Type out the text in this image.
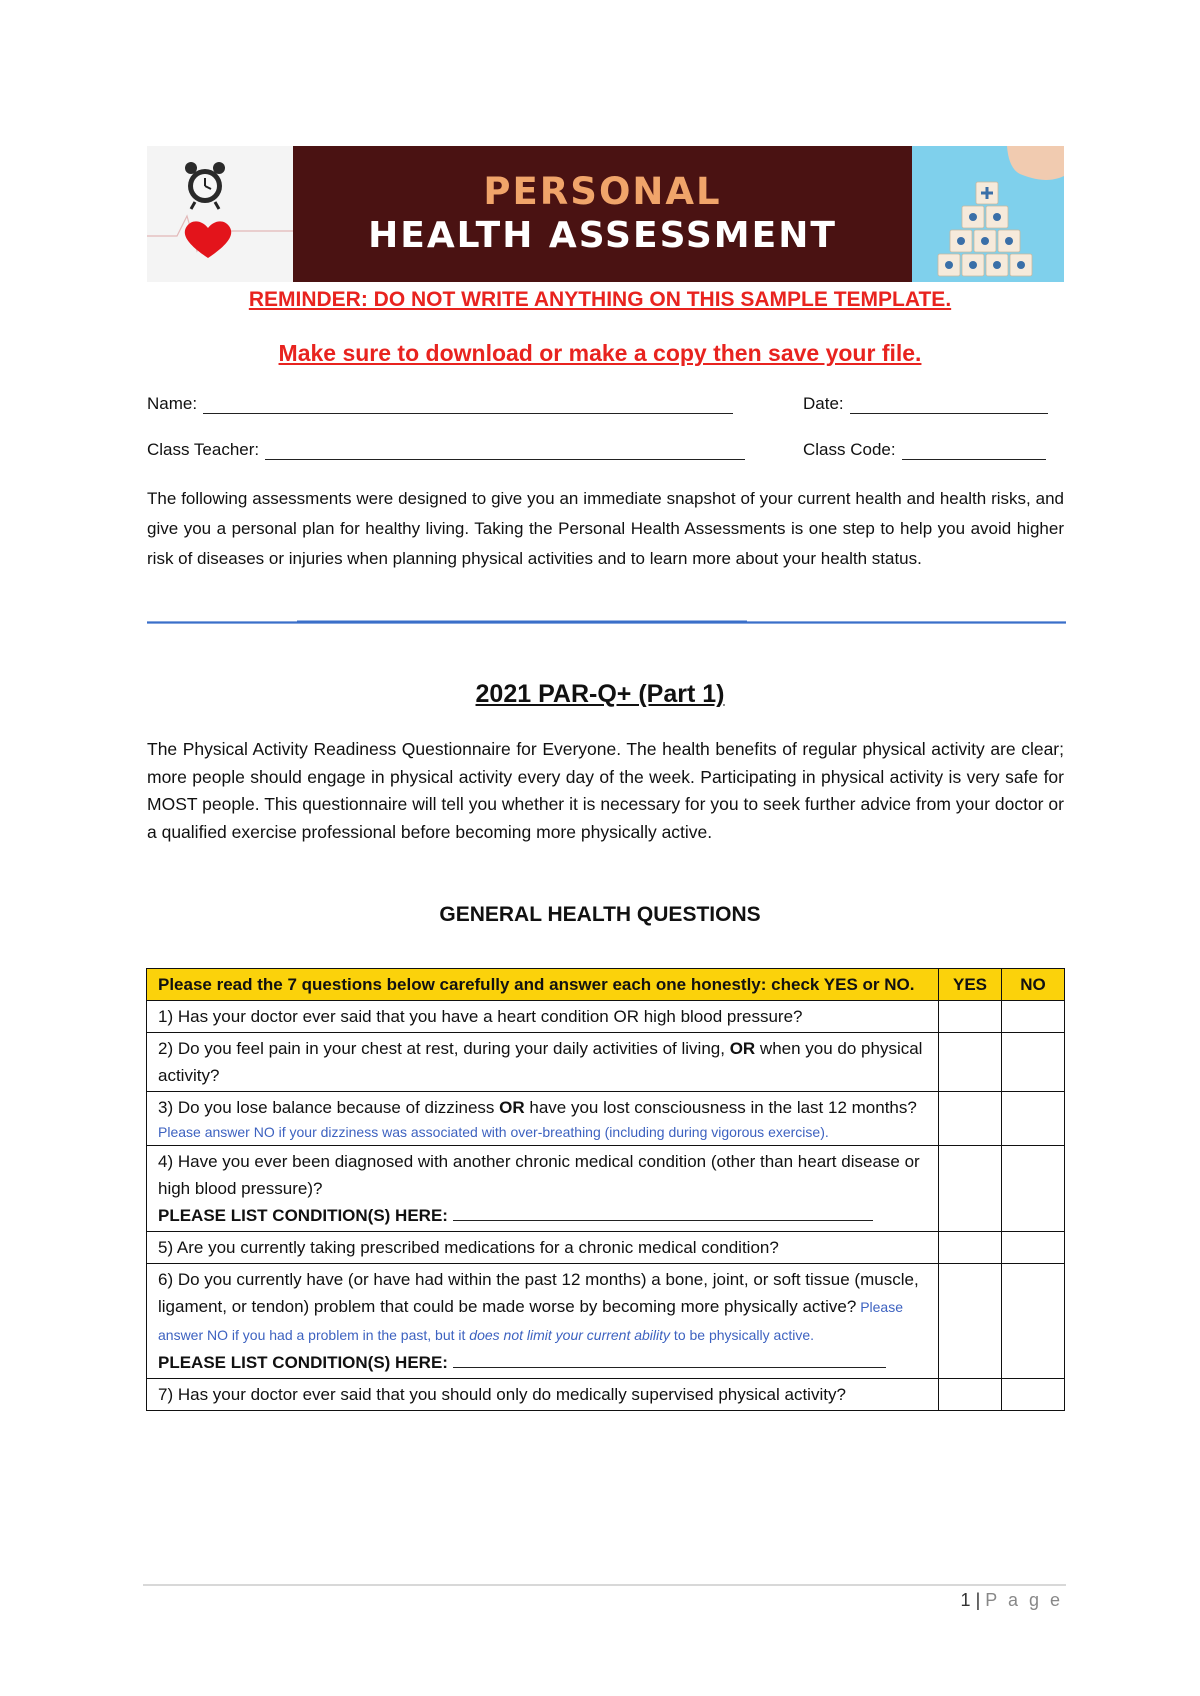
PERSONAL
HEALTH ASSESSMENT
REMINDER: DO NOT WRITE ANYTHING ON THIS SAMPLE TEMPLATE.
Make sure to download or make a copy then save your file.
Name:	Date:
Class Teacher:	Class Code:
The following assessments were designed to give you an immediate snapshot of your current health and health risks, and give you a personal plan for healthy living. Taking the Personal Health Assessments is one step to help you avoid higher risk of diseases or injuries when planning physical activities and to learn more about your health status.
2021 PAR-Q+ (Part 1)
The Physical Activity Readiness Questionnaire for Everyone. The health benefits of regular physical activity are clear; more people should engage in physical activity every day of the week. Participating in physical activity is very safe for MOST people. This questionnaire will tell you whether it is necessary for you to seek further advice from your doctor or a qualified exercise professional before becoming more physically active.
GENERAL HEALTH QUESTIONS
Please read the 7 questions below carefully and answer each one honestly: check YES or NO.	YES	NO
1) Has your doctor ever said that you have a heart condition OR high blood pressure?		
2) Do you feel pain in your chest at rest, during your daily activities of living, OR when you do physical activity?		
3) Do you lose balance because of dizziness OR have you lost consciousness in the last 12 months?
Please answer NO if your dizziness was associated with over-breathing (including during vigorous exercise).		

4) Have you ever been diagnosed with another chronic medical condition (other than heart disease or high blood pressure)?
PLEASE LIST CONDITION(S) HERE:		

5) Are you currently taking prescribed medications for a chronic medical condition?		
6) Do you currently have (or have had within the past 12 months) a bone, joint, or soft tissue (muscle, ligament, or tendon) problem that could be made worse by becoming more physically active? Please answer NO if you had a problem in the past, but it does not limit your current ability to be physically active.
PLEASE LIST CONDITION(S) HERE:		

7) Has your doctor ever said that you should only do medically supervised physical activity?		
1 | P a g e
